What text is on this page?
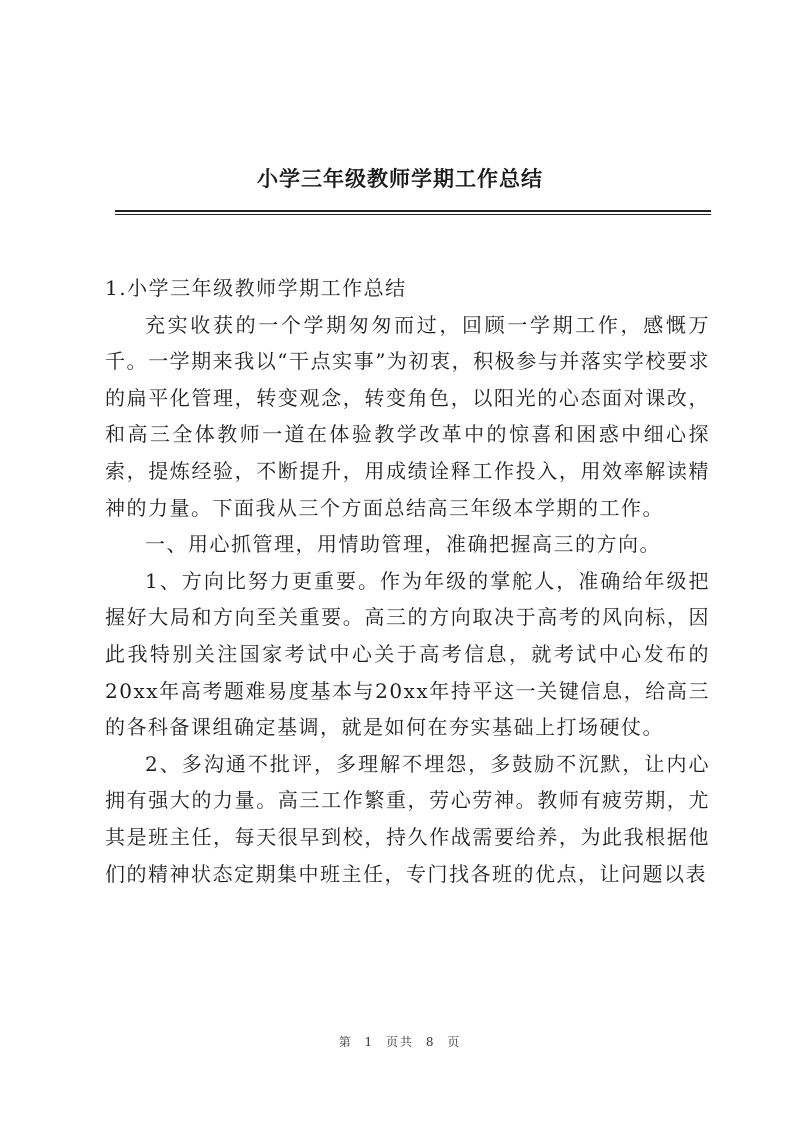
小学三年级教师学期工作总结

1.小学三年级教师学期工作总结

充实收获的一个学期匆匆而过，回顾一学期工作，感慨万千。一学期来我以“干点实事”为初衷，积极参与并落实学校要求的扁平化管理，转变观念，转变角色，以阳光的心态面对课改，和高三全体教师一道在体验教学改革中的惊喜和困惑中细心探索，提炼经验，不断提升，用成绩诠释工作投入，用效率解读精神的力量。下面我从三个方面总结高三年级本学期的工作。

一、用心抓管理，用情助管理，准确把握高三的方向。

1、方向比努力更重要。作为年级的掌舵人，准确给年级把握好大局和方向至关重要。高三的方向取决于高考的风向标，因此我特别关注国家考试中心关于高考信息，就考试中心发布的20xx年高考题难易度基本与20xx年持平这一关键信息，给高三的各科备课组确定基调，就是如何在夯实基础上打场硬仗。

2、多沟通不批评，多理解不埋怨，多鼓励不沉默，让内心拥有强大的力量。高三工作繁重，劳心劳神。教师有疲劳期，尤其是班主任，每天很早到校，持久作战需要给养，为此我根据他们的精神状态定期集中班主任，专门找各班的优点，让问题以表

第 1 页共 8 页
